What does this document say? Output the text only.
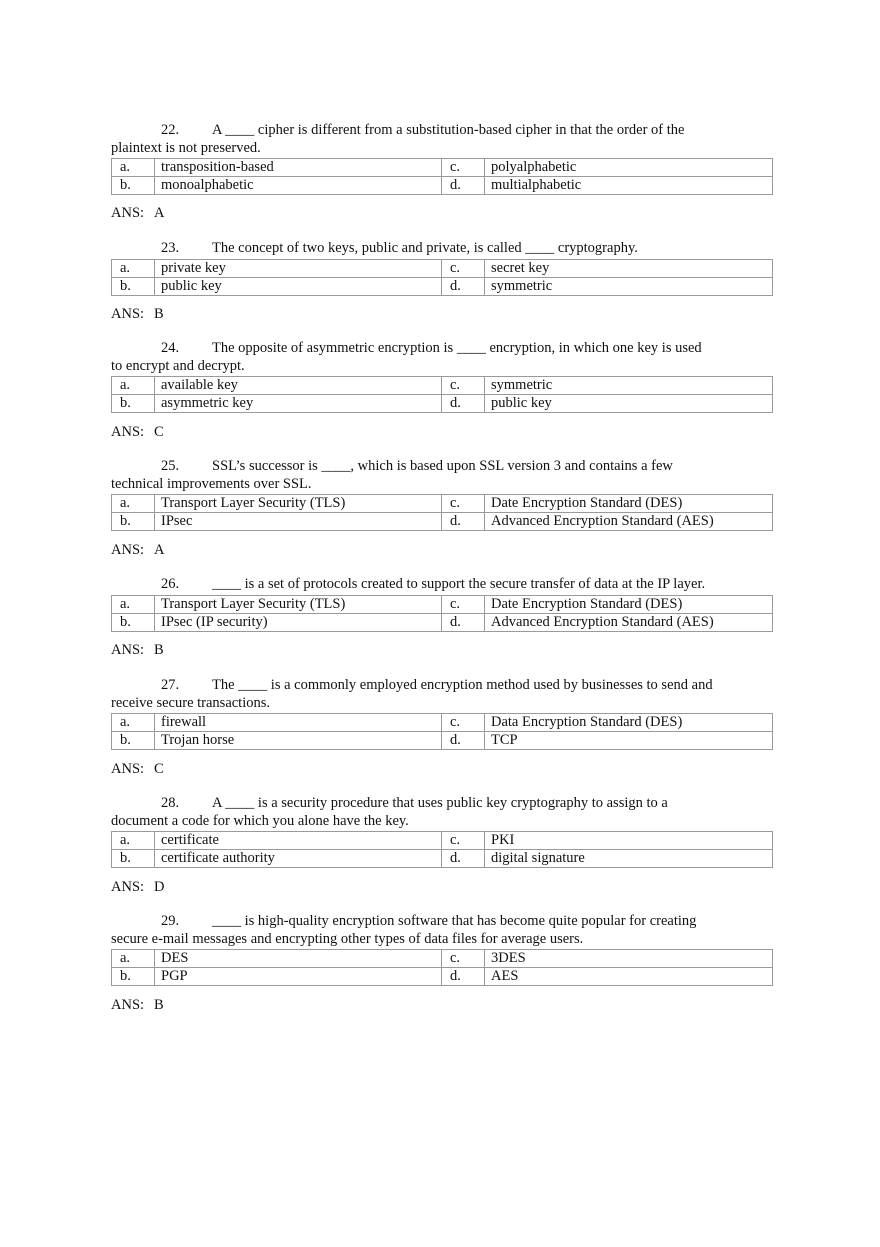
22. A ____ cipher is different from a substitution-based cipher in that the order of the
plaintext is not preserved.

a.	transposition-based	c.	polyalphabetic
b.	monoalphabetic	d.	multialphabetic
ANS: A

23. The concept of two keys, public and private, is called ____ cryptography.

a.	private key	c.	secret key
b.	public key	d.	symmetric
ANS: B

24. The opposite of asymmetric encryption is ____ encryption, in which one key is used
to encrypt and decrypt.

a.	available key	c.	symmetric
b.	asymmetric key	d.	public key
ANS: C

25. SSL’s successor is ____, which is based upon SSL version 3 and contains a few
technical improvements over SSL.

a.	Transport Layer Security (TLS)	c.	Date Encryption Standard (DES)
b.	IPsec	d.	Advanced Encryption Standard (AES)
ANS: A

26. ____ is a set of protocols created to support the secure transfer of data at the IP layer.

a.	Transport Layer Security (TLS)	c.	Date Encryption Standard (DES)
b.	IPsec (IP security)	d.	Advanced Encryption Standard (AES)
ANS: B

27. The ____ is a commonly employed encryption method used by businesses to send and
receive secure transactions.

a.	firewall	c.	Data Encryption Standard (DES)
b.	Trojan horse	d.	TCP
ANS: C

28. A ____ is a security procedure that uses public key cryptography to assign to a
document a code for which you alone have the key.

a.	certificate	c.	PKI
b.	certificate authority	d.	digital signature
ANS: D

29. ____ is high-quality encryption software that has become quite popular for creating
secure e-mail messages and encrypting other types of data files for average users.

a.	DES	c.	3DES
b.	PGP	d.	AES
ANS: B
